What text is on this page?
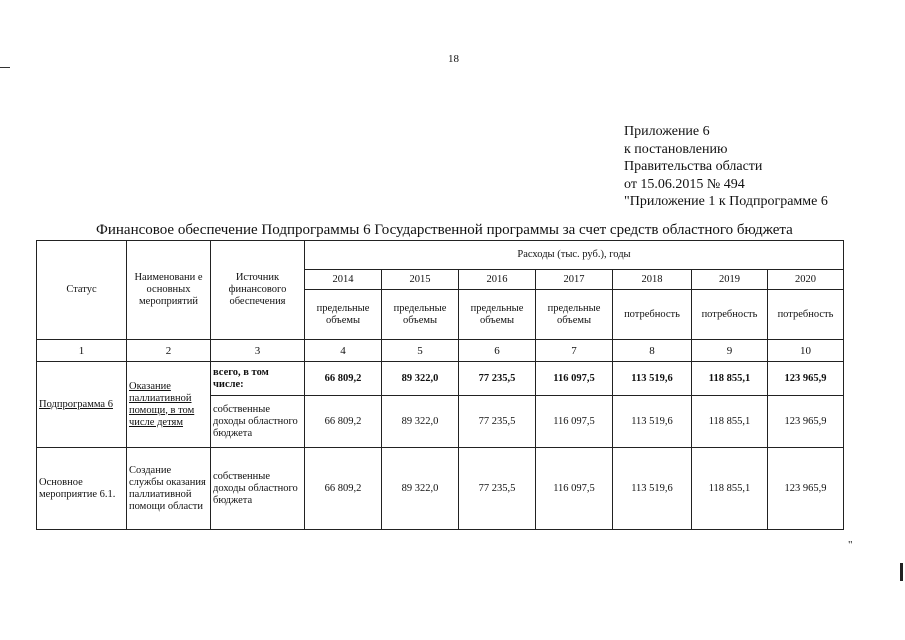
18
Приложение 6
к постановлению
Правительства области
от 15.06.2015 № 494
"Приложение 1 к Подпрограмме 6
Финансовое обеспечение Подпрограммы 6 Государственной программы за счет средств областного бюджета
Статус	Наименовани е основных мероприятий	Источник финансового обеспечения	Расходы (тыс. руб.), годы						
			2014	2015	2016	2017	2018	2019	2020
			предельные объемы	предельные объемы	предельные объемы	предельные объемы	потребность	потребность	потребность
1	2	3	4	5	6	7	8	9	10
Подпрограмма 6	Оказание паллиативной помощи, в том числе детям	всего, в том числе:	66 809,2	89 322,0	77 235,5	116 097,5	113 519,6	118 855,1	123 965,9
		собственные доходы областного бюджета	66 809,2	89 322,0	77 235,5	116 097,5	113 519,6	118 855,1	123 965,9
Основное мероприятие 6.1.	Создание службы оказания паллиативной помощи области	собственные доходы областного бюджета	66 809,2	89 322,0	77 235,5	116 097,5	113 519,6	118 855,1	123 965,9
"
